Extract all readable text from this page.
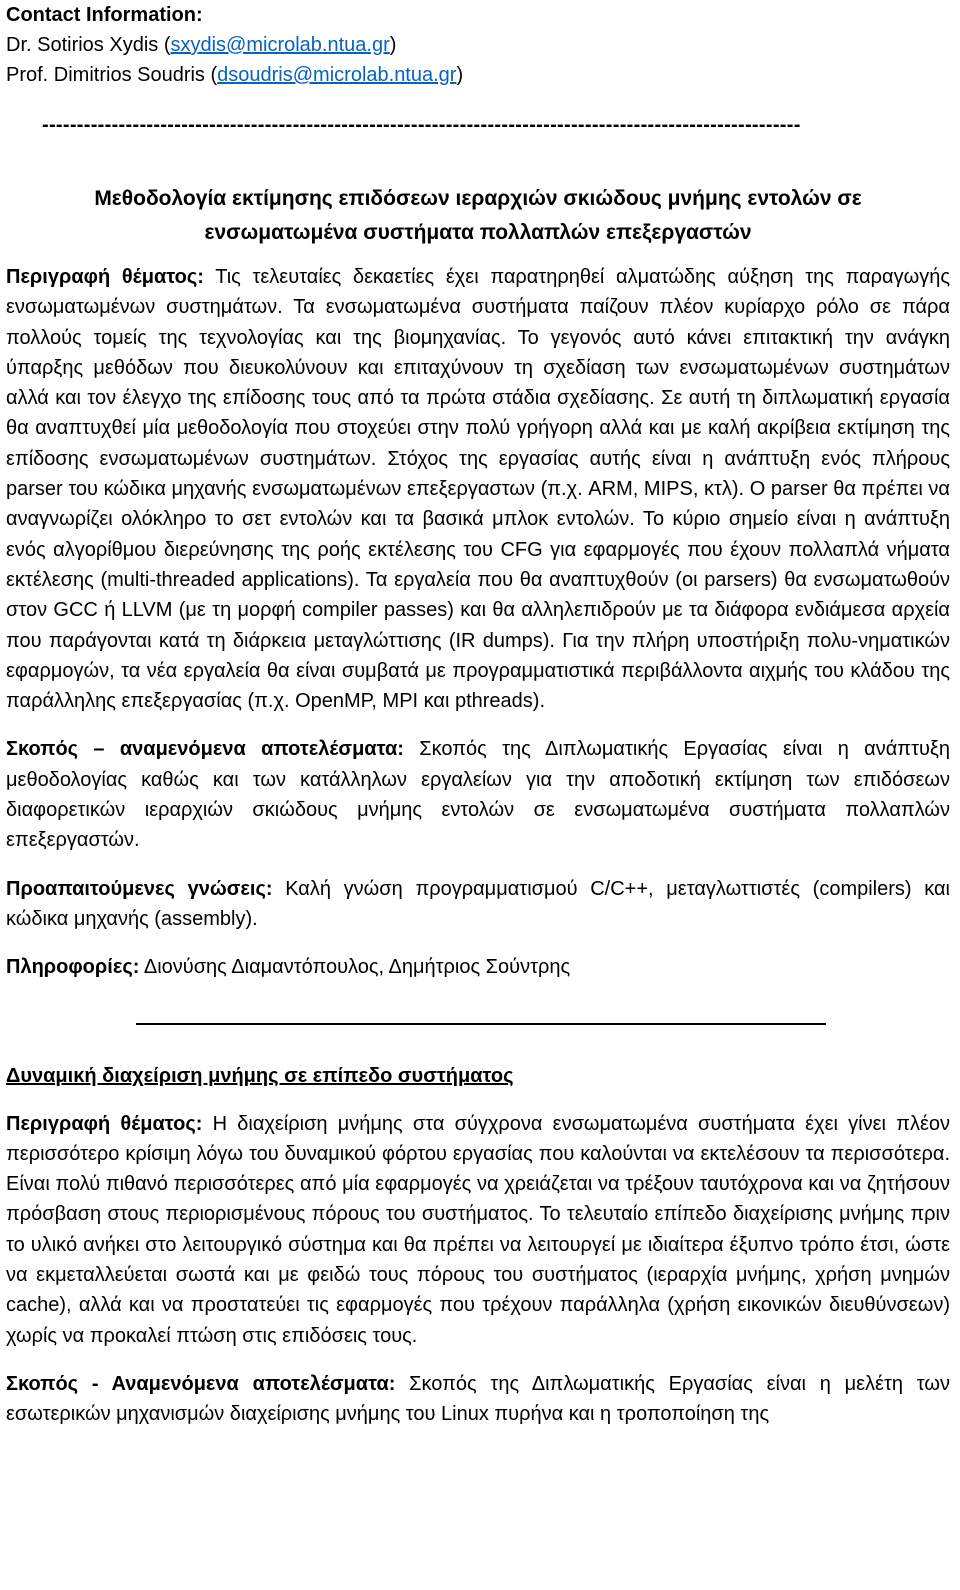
Contact Information:
Dr. Sotirios Xydis (sxydis@microlab.ntua.gr)
Prof. Dimitrios Soudris (dsoudris@microlab.ntua.gr)
-------------------------------------------------------------------------------------------------------------
Μεθοδολογία εκτίμησης επιδόσεων ιεραρχιών σκιώδους μνήμης εντολών σε
ενσωματωμένα συστήματα πολλαπλών επεξεργαστών

Περιγραφή θέματος: Τις τελευταίες δεκαετίες έχει παρατηρηθεί αλματώδης αύξηση της παραγωγής ενσωματωμένων συστημάτων. Τα ενσωματωμένα συστήματα παίζουν πλέον κυρίαρχο ρόλο σε πάρα πολλούς τομείς της τεχνολογίας και της βιομηχανίας. Το γεγονός αυτό κάνει επιτακτική την ανάγκη ύπαρξης μεθόδων που διευκολύνουν και επιταχύνουν τη σχεδίαση των ενσωματωμένων συστημάτων αλλά και τον έλεγχο της επίδοσης τους από τα πρώτα στάδια σχεδίασης. Σε αυτή τη διπλωματική εργασία θα αναπτυχθεί μία μεθοδολογία που στοχεύει στην πολύ γρήγορη αλλά και με καλή ακρίβεια εκτίμηση της επίδοσης ενσωματωμένων συστημάτων. Στόχος της εργασίας αυτής είναι η ανάπτυξη ενός πλήρους parser του κώδικα μηχανής ενσωματωμένων επεξεργαστων (π.χ. ARM, MIPS, κτλ). Ο parser θα πρέπει να αναγνωρίζει ολόκληρο το σετ εντολών και τα βασικά μπλοκ εντολών. Το κύριο σημείο είναι η ανάπτυξη ενός αλγορίθμου διερεύνησης της ροής εκτέλεσης του CFG για εφαρμογές που έχουν πολλαπλά νήματα εκτέλεσης (multi-threaded applications). Τα εργαλεία που θα αναπτυχθούν (οι parsers) θα ενσωματωθούν στον GCC ή LLVM (με τη μορφή compiler passes) και θα αλληλεπιδρούν με τα διάφορα ενδιάμεσα αρχεία που παράγονται κατά τη διάρκεια μεταγλώττισης (IR dumps). Για την πλήρη υποστήριξη πολυ-νηματικών εφαρμογών, τα νέα εργαλεία θα είναι συμβατά με προγραμματιστικά περιβάλλοντα αιχμής του κλάδου της παράλληλης επεξεργασίας (π.χ. OpenMP, MPI και pthreads).

Σκοπός – αναμενόμενα αποτελέσματα: Σκοπός της Διπλωματικής Εργασίας είναι η ανάπτυξη μεθοδολογίας καθώς και των κατάλληλων εργαλείων για την αποδοτική εκτίμηση των επιδόσεων διαφορετικών ιεραρχιών σκιώδους μνήμης εντολών σε ενσωματωμένα συστήματα πολλαπλών επεξεργαστών.

Προαπαιτούμενες γνώσεις: Καλή γνώση προγραμματισμού C/C++, μεταγλωττιστές (compilers) και κώδικα μηχανής (assembly).

Πληροφορίες: Διονύσης Διαμαντόπουλος, Δημήτριος Σούντρης

Δυναμική διαχείριση μνήμης σε επίπεδο συστήματος

Περιγραφή θέματος: Η διαχείριση μνήμης στα σύγχρονα ενσωματωμένα συστήματα έχει γίνει πλέον περισσότερο κρίσιμη λόγω του δυναμικού φόρτου εργασίας που καλούνται να εκτελέσουν τα περισσότερα. Είναι πολύ πιθανό περισσότερες από μία εφαρμογές να χρειάζεται να τρέξουν ταυτόχρονα και να ζητήσουν πρόσβαση στους περιορισμένους πόρους του συστήματος. Το τελευταίο επίπεδο διαχείρισης μνήμης πριν το υλικό ανήκει στο λειτουργικό σύστημα και θα πρέπει να λειτουργεί με ιδιαίτερα έξυπνο τρόπο έτσι, ώστε να εκμεταλλεύεται σωστά και με φειδώ τους πόρους του συστήματος (ιεραρχία μνήμης, χρήση μνημών cache), αλλά και να προστατεύει τις εφαρμογές που τρέχουν παράλληλα (χρήση εικονικών διευθύνσεων) χωρίς να προκαλεί πτώση στις επιδόσεις τους.

Σκοπός - Αναμενόμενα αποτελέσματα: Σκοπός της Διπλωματικής Εργασίας είναι η μελέτη των εσωτερικών μηχανισμών διαχείρισης μνήμης του Linux πυρήνα και η τροποποίηση της
